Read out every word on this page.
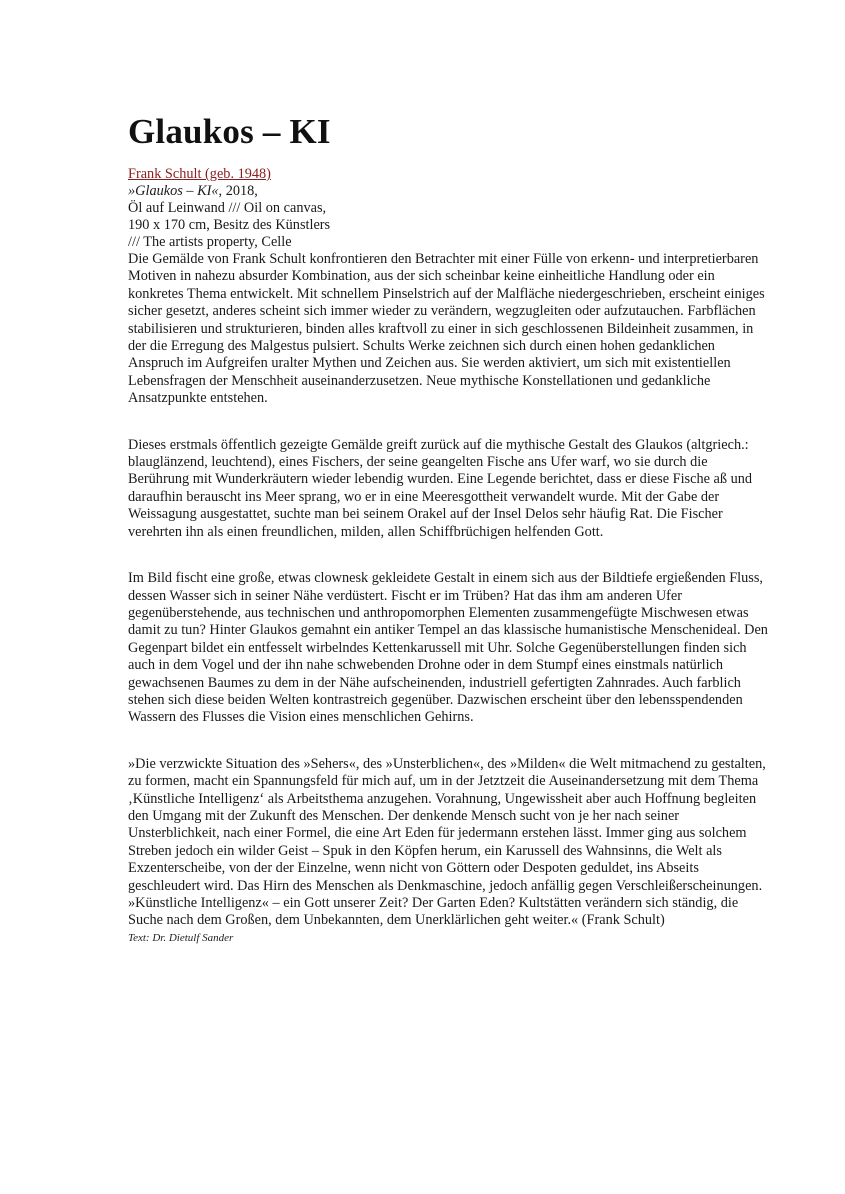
Glaukos – KI
Frank Schult (geb. 1948)
»Glaukos – KI«, 2018,
Öl auf Leinwand /// Oil on canvas,
190 x 170 cm, Besitz des Künstlers
/// The artists property, Celle

Die Gemälde von Frank Schult konfrontieren den Betrachter mit einer Fülle von erkenn- und interpretierbaren Motiven in nahezu absurder Kombination, aus der sich scheinbar keine einheitliche Handlung oder ein konkretes Thema entwickelt. Mit schnellem Pinselstrich auf der Malfläche niedergeschrieben, erscheint einiges sicher gesetzt, anderes scheint sich immer wieder zu verändern, wegzugleiten oder aufzutauchen. Farbflächen stabilisieren und strukturieren, binden alles kraftvoll zu einer in sich geschlossenen Bildeinheit zusammen, in der die Erregung des Malgestus pulsiert. Schults Werke zeichnen sich durch einen hohen gedanklichen Anspruch im Aufgreifen uralter Mythen und Zeichen aus. Sie werden aktiviert, um sich mit existentiellen Lebensfragen der Menschheit auseinanderzusetzen. Neue mythische Konstellationen und gedankliche Ansatzpunkte entstehen.

Dieses erstmals öffentlich gezeigte Gemälde greift zurück auf die mythische Gestalt des Glaukos (altgriech.: blauglänzend, leuchtend), eines Fischers, der seine geangelten Fische ans Ufer warf, wo sie durch die Berührung mit Wunderkräutern wieder lebendig wurden. Eine Legende berichtet, dass er diese Fische aß und daraufhin berauscht ins Meer sprang, wo er in eine Meeresgottheit verwandelt wurde. Mit der Gabe der Weissagung ausgestattet, suchte man bei seinem Orakel auf der Insel Delos sehr häufig Rat. Die Fischer verehrten ihn als einen freundlichen, milden, allen Schiffbrüchigen helfenden Gott.

Im Bild fischt eine große, etwas clownesk gekleidete Gestalt in einem sich aus der Bildtiefe ergießenden Fluss, dessen Wasser sich in seiner Nähe verdüstert. Fischt er im Trüben? Hat das ihm am anderen Ufer gegenüberstehende, aus technischen und anthropomorphen Elementen zusammengefügte Mischwesen etwas damit zu tun? Hinter Glaukos gemahnt ein antiker Tempel an das klassische humanistische Menschenideal. Den Gegenpart bildet ein entfesselt wirbelndes Kettenkarussell mit Uhr. Solche Gegenüberstellungen finden sich auch in dem Vogel und der ihn nahe schwebenden Drohne oder in dem Stumpf eines einstmals natürlich gewachsenen Baumes zu dem in der Nähe aufscheinenden, industriell gefertigten Zahnrades. Auch farblich stehen sich diese beiden Welten kontrastreich gegenüber. Dazwischen erscheint über den lebensspendenden Wassern des Flusses die Vision eines menschlichen Gehirns.

»Die verzwickte Situation des »Sehers«, des »Unsterblichen«, des »Milden« die Welt mitmachend zu gestalten, zu formen, macht ein Spannungsfeld für mich auf, um in der Jetztzeit die Auseinandersetzung mit dem Thema ‚Künstliche Intelligenz‘ als Arbeitsthema anzugehen. Vorahnung, Ungewissheit aber auch Hoffnung begleiten den Umgang mit der Zukunft des Menschen. Der denkende Mensch sucht von je her nach seiner Unsterblichkeit, nach einer Formel, die eine Art Eden für jedermann erstehen lässt. Immer ging aus solchem Streben jedoch ein wilder Geist – Spuk in den Köpfen herum, ein Karussell des Wahnsinns, die Welt als Exzenterscheibe, von der der Einzelne, wenn nicht von Göttern oder Despoten geduldet, ins Abseits geschleudert wird. Das Hirn des Menschen als Denkmaschine, jedoch anfällig gegen Verschleißerscheinungen. »Künstliche Intelligenz« – ein Gott unserer Zeit? Der Garten Eden? Kultstätten verändern sich ständig, die Suche nach dem Großen, dem Unbekannten, dem Unerklärlichen geht weiter.« (Frank Schult)

Text: Dr. Dietulf Sander
